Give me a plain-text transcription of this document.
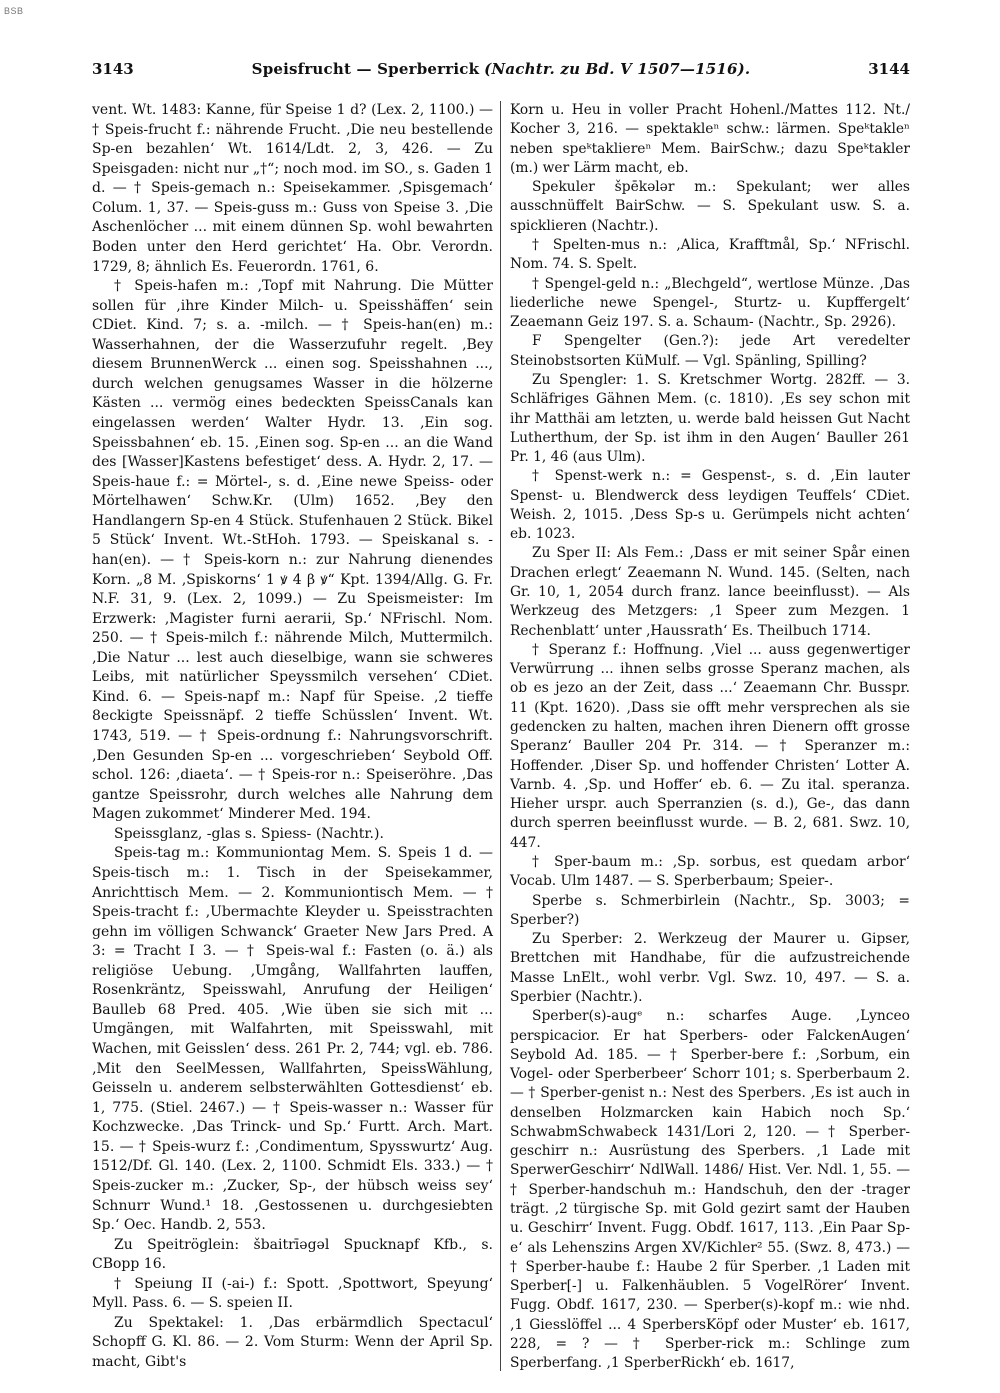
BSB
3143	Speisfrucht — Sperberrick (Nachtr. zu Bd. V 1507—1516).	3144

vent. Wt. 1483: Kanne, für Speise 1 d? (Lex. 2, 1100.) — † Speis-frucht f.: nährende Frucht. ‚Die neu bestellende Sp-en bezahlen‘ Wt. 1614/Ldt. 2, 3, 426. — Zu Speisgaden: nicht nur „†“; noch mod. im SO., s. Gaden 1 d. — † Speis-gemach n.: Speisekammer. ‚Spisgemach‘ Colum. 1, 37. — Speis-guss m.: Guss von Speise 3. ‚Die Aschenlöcher ... mit einem dünnen Sp. wohl bewahrten Boden unter den Herd gerichtet‘ Ha. Obr. Verordn. 1729, 8; ähnlich Es. Feuerordn. 1761, 6.

† Speis-hafen m.: ‚Topf mit Nahrung. Die Mütter sollen für ‚ihre Kinder Milch- u. Speisshäffen‘ sein CDiet. Kind. 7; s. a. -milch. — † Speis-han(en) m.: Wasserhahnen, der die Wasserzufuhr regelt. ‚Bey diesem BrunnenWerck ... einen sog. Speisshahnen ..., durch welchen genugsames Wasser in die hölzerne Kästen ... vermög eines bedeckten SpeissCanals kan eingelassen werden‘ Walter Hydr. 13. ‚Ein sog. Speissbahnen‘ eb. 15. ‚Einen sog. Sp-en ... an die Wand des [Wasser]Kastens befestiget‘ dess. A. Hydr. 2, 17. — Speis-haue f.: = Mörtel-, s. d. ‚Eine newe Speiss- oder Mörtelhawen‘ Schw.Kr. (Ulm) 1652. ‚Bey den Handlangern Sp-en 4 Stück. Stufenhauen 2 Stück. Bikel 5 Stück‘ Invent. Wt.-StHoh. 1793. — Speiskanal s. -han(en). — † Speis-korn n.: zur Nahrung dienendes Korn. „8 M. ‚Spiskorns‘ 1 ꝟ 4 β ꝟ“ Kpt. 1394/Allg. G. Fr. N.F. 31, 9. (Lex. 2, 1099.) — Zu Speismeister: Im Erzwerk: ‚Magister furni aerarii, Sp.‘ NFrischl. Nom. 250. — † Speis-milch f.: nährende Milch, Muttermilch. ‚Die Natur ... lest auch dieselbige, wann sie schweres Leibs, mit natürlicher Speyssmilch versehen‘ CDiet. Kind. 6. — Speis-napf m.: Napf für Speise. ‚2 tieffe 8eckigte Speissnäpf. 2 tieffe Schüsslen‘ Invent. Wt. 1743, 519. — † Speis-ordnung f.: Nahrungsvorschrift. ‚Den Gesunden Sp-en ... vorgeschrieben‘ Seybold Off. schol. 126: ‚diaeta‘. — † Speis-ror n.: Speiseröhre. ‚Das gantze Speissrohr, durch welches alle Nahrung dem Magen zukommet‘ Minderer Med. 194.

Speissglanz, -glas s. Spiess- (Nachtr.).

Speis-tag m.: Kommuniontag Mem. S. Speis 1 d. — Speis-tisch m.: 1. Tisch in der Speisekammer, Anrichttisch Mem. — 2. Kommuniontisch Mem. — † Speis-tracht f.: ‚Ubermachte Kleyder u. Speisstrachten gehn im völligen Schwanck‘ Graeter New Jars Pred. A 3: = Tracht I 3. — † Speis-wal f.: Fasten (o. ä.) als religiöse Uebung. ‚Umgång, Wallfahrten lauffen, Rosenkräntz, Speisswahl, Anrufung der Heiligen‘ Baulleb 68 Pred. 405. ‚Wie üben sie sich mit ... Umgängen, mit Walfahrten, mit Speisswahl, mit Wachen, mit Geisslen‘ dess. 261 Pr. 2, 744; vgl. eb. 786. ‚Mit den SeelMessen, Wallfahrten, SpeissWählung, Geisseln u. anderem selbsterwählten Gottesdienst‘ eb. 1, 775. (Stiel. 2467.) — † Speis-wasser n.: Wasser für Kochzwecke. ‚Das Trinck- und Sp.‘ Furtt. Arch. Mart. 15. — † Speis-wurz f.: ‚Condimentum, Spysswurtz‘ Aug. 1512/Df. Gl. 140. (Lex. 2, 1100. Schmidt Els. 333.) — † Speis-zucker m.: ‚Zucker, Sp-, der hübsch weiss sey‘ Schnurr Wund.¹ 18. ‚Gestossenen u. durchgesiebten Sp.‘ Oec. Handb. 2, 553.

Zu Speitröglein: šbaitrīəgəl Spucknapf Kfb., s. CBopp 16.

† Speiung II (-ai-) f.: Spott. ‚Spottwort, Speyung‘ Myll. Pass. 6. — S. speien II.

Zu Spektakel: 1. ‚Das erbärmdlich Spectacul‘ Schopff G. Kl. 86. — 2. Vom Sturm: Wenn der April Sp. macht, Gibt's

Korn u. Heu in voller Pracht Hohenl./Mattes 112. Nt./ Kocher 3, 216. — spektakleⁿ schw.: lärmen. Speᵏtakleⁿ neben speᵏtakliereⁿ Mem. BairSchw.; dazu Speᵏtakler (m.) wer Lärm macht, eb.

Spekuler špēkələr m.: Spekulant; wer alles ausschnüffelt BairSchw. — S. Spekulant usw. S. a. spicklieren (Nachtr.).

† Spelten-mus n.: ‚Alica, Krafftmål, Sp.‘ NFrischl. Nom. 74. S. Spelt.

† Spengel-geld n.: „Blechgeld“, wertlose Münze. ‚Das liederliche newe Spengel-, Sturtz- u. Kupffergelt‘ Zeaemann Geiz 197. S. a. Schaum- (Nachtr., Sp. 2926).

F Spengelter (Gen.?): jede Art veredelter Steinobstsorten KüMulf. — Vgl. Spänling, Spilling?

Zu Spengler: 1. S. Kretschmer Wortg. 282ff. — 3. Schläfriges Gähnen Mem. (c. 1810). ‚Es sey schon mit ihr Matthäi am letzten, u. werde bald heissen Gut Nacht Lutherthum, der Sp. ist ihm in den Augen‘ Bauller 261 Pr. 1, 46 (aus Ulm).

† Spenst-werk n.: = Gespenst-, s. d. ‚Ein lauter Spenst- u. Blendwerck dess leydigen Teuffels‘ CDiet. Weish. 2, 1015. ‚Dess Sp-s u. Gerümpels nicht achten‘ eb. 1023.

Zu Sper II: Als Fem.: ‚Dass er mit seiner Spår einen Drachen erlegt‘ Zeaemann N. Wund. 145. (Selten, nach Gr. 10, 1, 2054 durch franz. lance beeinflusst). — Als Werkzeug des Metzgers: ‚1 Speer zum Mezgen. 1 Rechenblatt‘ unter ‚Haussrath‘ Es. Theilbuch 1714.

† Speranz f.: Hoffnung. ‚Viel ... auss gegenwertiger Verwürrung ... ihnen selbs grosse Speranz machen, als ob es jezo an der Zeit, dass ...‘ Zeaemann Chr. Busspr. 11 (Kpt. 1620). ‚Dass sie offt mehr versprechen als sie gedencken zu halten, machen ihren Dienern offt grosse Speranz‘ Bauller 204 Pr. 314. — † Speranzer m.: Hoffender. ‚Diser Sp. und hoffender Christen‘ Lotter A. Varnb. 4. ‚Sp. und Hoffer‘ eb. 6. — Zu ital. speranza. Hieher urspr. auch Sperranzien (s. d.), Ge-, das dann durch sperren beeinflusst wurde. — B. 2, 681. Swz. 10, 447.

† Sper-baum m.: ‚Sp. sorbus, est quedam arbor‘ Vocab. Ulm 1487. — S. Sperberbaum; Speier-.

Sperbe s. Schmerbirlein (Nachtr., Sp. 3003; = Sperber?)

Zu Sperber: 2. Werkzeug der Maurer u. Gipser, Brettchen mit Handhabe, für die aufzustreichende Masse LnElt., wohl verbr. Vgl. Swz. 10, 497. — S. a. Sperbier (Nachtr.).

Sperber(s)-augᵉ n.: scharfes Auge. ‚Lynceo perspicacior. Er hat Sperbers- oder FalckenAugen‘ Seybold Ad. 185. — † Sperber-bere f.: ‚Sorbum, ein Vogel- oder Sperberbeer‘ Schorr 101; s. Sperberbaum 2. — † Sperber-genist n.: Nest des Sperbers. ‚Es ist auch in denselben Holzmarcken kain Habich noch Sp.‘ SchwabmSchwabeck 1431/Lori 2, 120. — † Sperber-geschirr n.: Ausrüstung des Sperbers. ‚1 Lade mit SperwerGeschirr‘ NdlWall. 1486/ Hist. Ver. Ndl. 1, 55. — † Sperber-handschuh m.: Handschuh, den der -trager trägt. ‚2 türgische Sp. mit Gold gezirt samt der Hauben u. Geschirr‘ Invent. Fugg. Obdf. 1617, 113. ‚Ein Paar Sp-e‘ als Lehenszins Argen XV/Kichler² 55. (Swz. 8, 473.) — † Sperber-haube f.: Haube 2 für Sperber. ‚1 Laden mit Sperber[-] u. Falkenhäublen. 5 VogelRörer‘ Invent. Fugg. Obdf. 1617, 230. — Sperber(s)-kopf m.: wie nhd. ‚1 Giesslöffel ... 4 SperbersKöpf oder Muster‘ eb. 1617, 228, = ? — † Sperber-rick m.: Schlinge zum Sperberfang. ‚1 SperberRickh‘ eb. 1617,
